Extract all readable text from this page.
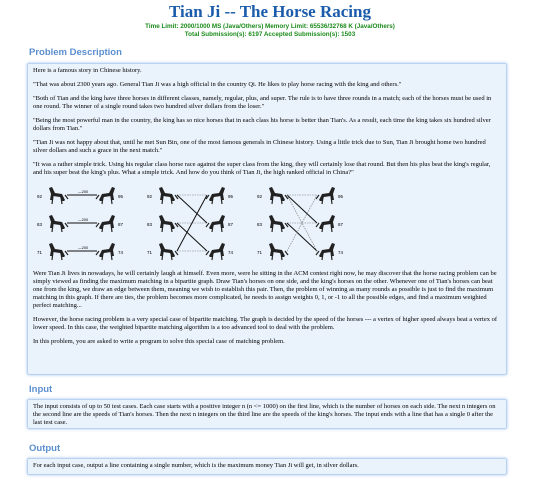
Tian Ji -- The Horse Racing
Time Limit: 2000/1000 MS (Java/Others) Memory Limit: 65536/32768 K (Java/Others)
Total Submission(s): 6197 Accepted Submission(s): 1503
Problem Description

Here is a famous story in Chinese history.

"That was about 2300 years ago. General Tian Ji was a high official in the country Qi. He likes to play horse racing with the king and others."

"Both of Tian and the king have three horses in different classes, namely, regular, plus, and super. The rule is to have three rounds in a match; each of the horses must be used in one round. The winner of a single round takes two hundred silver dollars from the loser."

"Being the most powerful man in the country, the king has so nice horses that in each class his horse is better than Tian's. As a result, each time the king takes six hundred silver dollars from Tian."

"Tian Ji was not happy about that, until he met Sun Bin, one of the most famous generals in Chinese history. Using a little trick due to Sun, Tian Ji brought home two hundred silver dollars and such a grace in the next match."

"It was a rather simple trick. Using his regular class horse race against the super class from the king, they will certainly lose that round. But then his plus beat the king's regular, and his super beat the king's plus. What a simple trick. And how do you think of Tian Ji, the high ranked official in China?"

92	95
83	87
71	74
—200
—200
—200
92	95
83	87
71	74
92	95
83	87
71	74

Were Tian Ji lives in nowadays, he will certainly laugh at himself. Even more, were he sitting in the ACM contest right now, he may discover that the horse racing problem can be simply viewed as finding the maximum matching in a bipartite graph. Draw Tian's horses on one side, and the king's horses on the other. Whenever one of Tian's horses can beat one from the king, we draw an edge between them, meaning we wish to establish this pair. Then, the problem of winning as many rounds as possible is just to find the maximum matching in this graph. If there are ties, the problem becomes more complicated, he needs to assign weights 0, 1, or -1 to all the possible edges, and find a maximum weighted perfect matching...

However, the horse racing problem is a very special case of bipartite matching. The graph is decided by the speed of the horses --- a vertex of higher speed always beat a vertex of lower speed. In this case, the weighted bipartite matching algorithm is a too advanced tool to deal with the problem.

In this problem, you are asked to write a program to solve this special case of matching problem.

Input

The input consists of up to 50 test cases. Each case starts with a positive integer n (n <= 1000) on the first line, which is the number of horses on each side. The next n integers on the second line are the speeds of Tian's horses. Then the next n integers on the third line are the speeds of the king's horses. The input ends with a line that has a single 0 after the last test case.

Output

For each input case, output a line containing a single number, which is the maximum money Tian Ji will get, in silver dollars.
